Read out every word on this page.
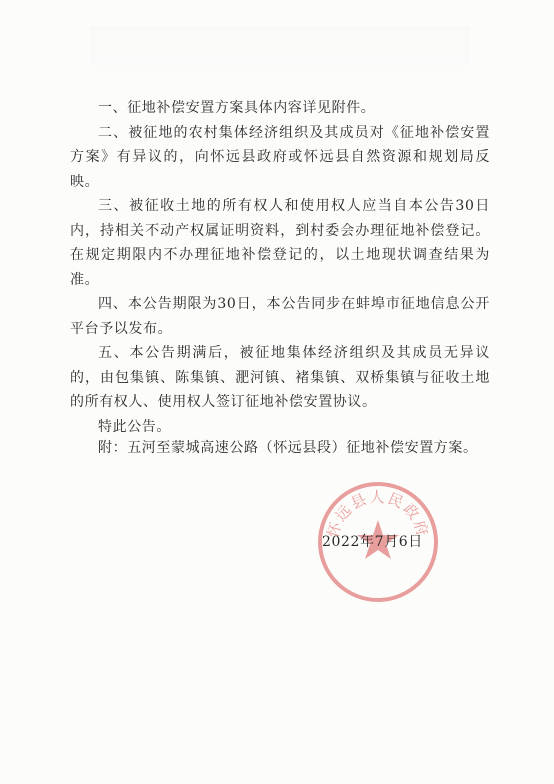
一、征地补偿安置方案具体内容详见附件。

二、被征地的农村集体经济组织及其成员对《征地补偿安置方案》有异议的，向怀远县政府或怀远县自然资源和规划局反映。

三、被征收土地的所有权人和使用权人应当自本公告30日内，持相关不动产权属证明资料，到村委会办理征地补偿登记。在规定期限内不办理征地补偿登记的，以土地现状调查结果为准。

四、本公告期限为30日，本公告同步在蚌埠市征地信息公开平台予以发布。

五、本公告期满后，被征地集体经济组织及其成员无异议的，由包集镇、陈集镇、淝河镇、褚集镇、双桥集镇与征收土地的所有权人、使用权人签订征地补偿安置协议。

特此公告。

附：五河至蒙城高速公路（怀远县段）征地补偿安置方案。
怀远县人民政府
2022年7月6日
